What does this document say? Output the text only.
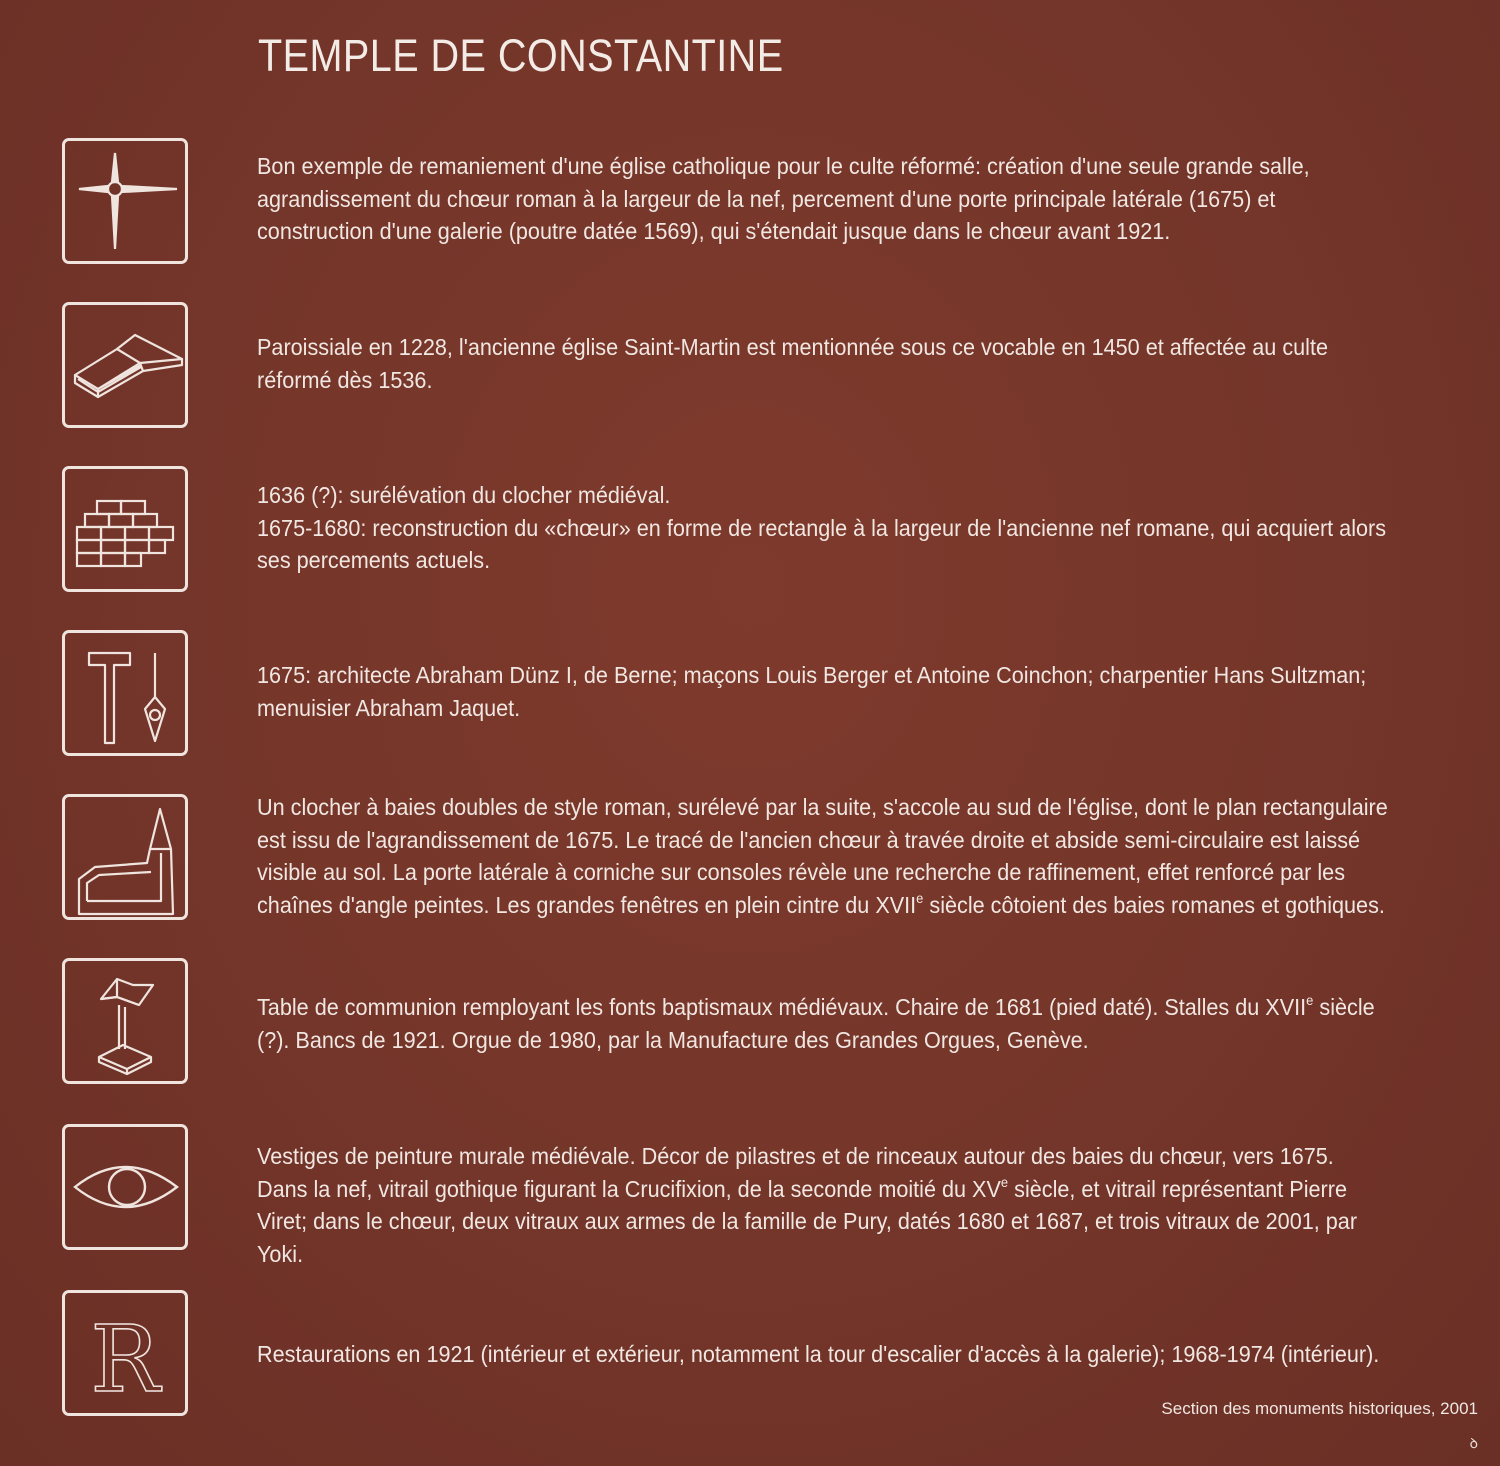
TEMPLE DE CONSTANTINE
R

Bon exemple de remaniement d'une église catholique pour le culte réformé: création d'une seule grande salle, agrandissement du chœur roman à la largeur de la nef, percement d'une porte principale latérale (1675) et construction d'une galerie (poutre datée 1569), qui s'étendait jusque dans le chœur avant 1921.

Paroissiale en 1228, l'ancienne église Saint-Martin est mentionnée sous ce vocable en 1450 et affectée au culte réformé dès 1536.

1636 (?): surélévation du clocher médiéval.

1675-1680: reconstruction du «chœur» en forme de rectangle à la largeur de l'ancienne nef romane, qui acquiert alors ses percements actuels.

1675: architecte Abraham Dünz I, de Berne; maçons Louis Berger et Antoine Coinchon; charpentier Hans Sultzman; menuisier Abraham Jaquet.

Un clocher à baies doubles de style roman, surélevé par la suite, s'accole au sud de l'église, dont le plan rectangulaire est issu de l'agrandissement de 1675. Le tracé de l'ancien chœur à travée droite et abside semi-circulaire est laissé visible au sol. La porte latérale à corniche sur consoles révèle une recherche de raffinement, effet renforcé par les chaînes d'angle peintes. Les grandes fenêtres en plein cintre du XVIIe siècle côtoient des baies romanes et gothiques.

Table de communion remployant les fonts baptismaux médiévaux. Chaire de 1681 (pied daté). Stalles du XVIIe siècle (?). Bancs de 1921. Orgue de 1980, par la Manufacture des Grandes Orgues, Genève.

Vestiges de peinture murale médiévale. Décor de pilastres et de rinceaux autour des baies du chœur, vers 1675. Dans la nef, vitrail gothique figurant la Crucifixion, de la seconde moitié du XVe siècle, et vitrail représentant Pierre Viret; dans le chœur, deux vitraux aux armes de la famille de Pury, datés 1680 et 1687, et trois vitraux de 2001, par Yoki.

Restaurations en 1921 (intérieur et extérieur, notamment la tour d'escalier d'accès à la galerie); 1968-1974 (intérieur).

Section des monuments historiques, 2001
ꝺ
